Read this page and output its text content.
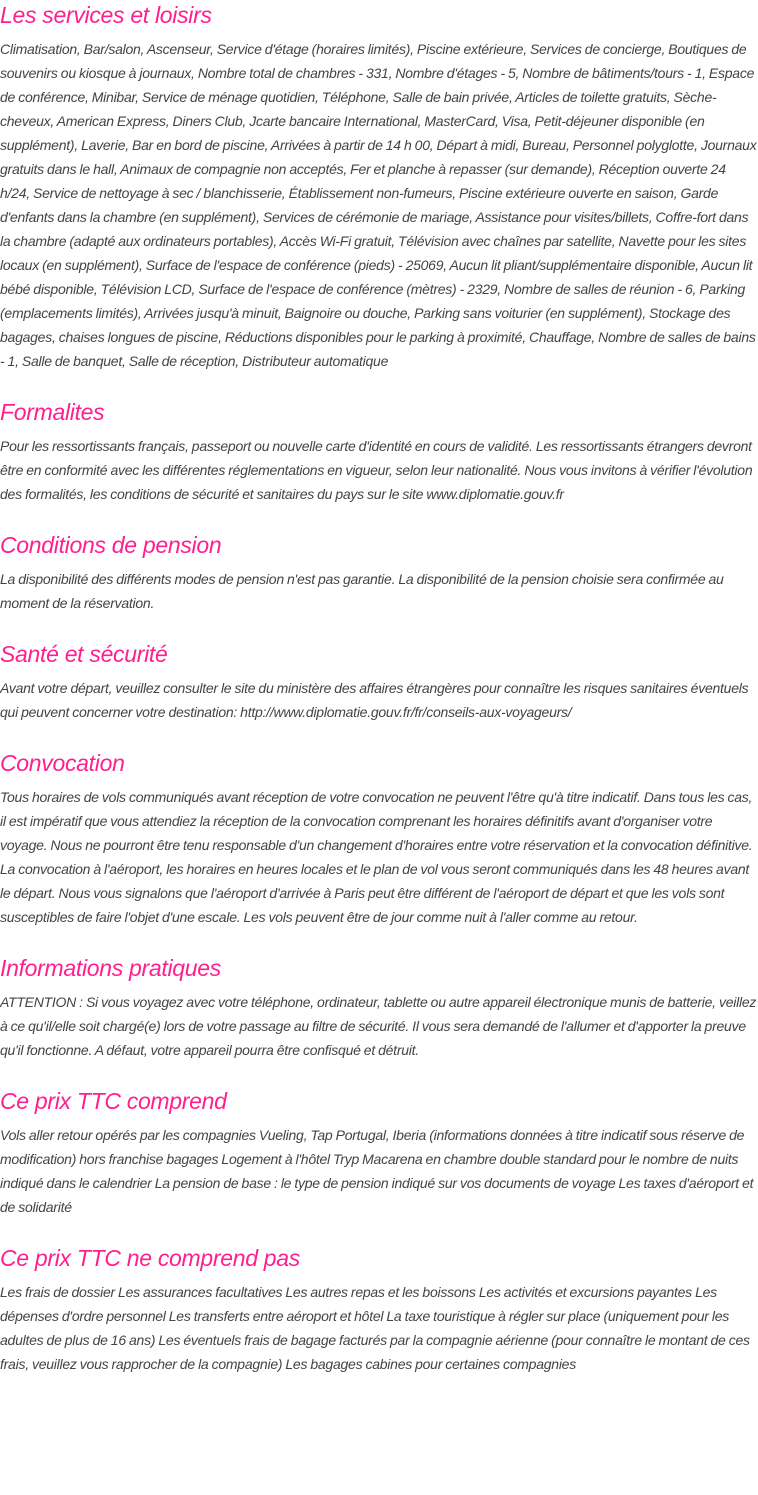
Les services et loisirs

Climatisation, Bar/salon, Ascenseur, Service d'étage (horaires limités), Piscine extérieure, Services de concierge, Boutiques de souvenirs ou kiosque à journaux, Nombre total de chambres - 331, Nombre d'étages - 5, Nombre de bâtiments/tours - 1, Espace de conférence, Minibar, Service de ménage quotidien, Téléphone, Salle de bain privée, Articles de toilette gratuits, Sèche-cheveux, American Express, Diners Club, Jcarte bancaire International, MasterCard, Visa, Petit-déjeuner disponible (en supplément), Laverie, Bar en bord de piscine, Arrivées à partir de 14 h 00, Départ à midi, Bureau, Personnel polyglotte, Journaux gratuits dans le hall, Animaux de compagnie non acceptés, Fer et planche à repasser (sur demande), Réception ouverte 24 h/24, Service de nettoyage à sec / blanchisserie, Établissement non-fumeurs, Piscine extérieure ouverte en saison, Garde d'enfants dans la chambre (en supplément), Services de cérémonie de mariage, Assistance pour visites/billets, Coffre-fort dans la chambre (adapté aux ordinateurs portables), Accès Wi-Fi gratuit, Télévision avec chaînes par satellite, Navette pour les sites locaux (en supplément), Surface de l'espace de conférence (pieds) - 25069, Aucun lit pliant/supplémentaire disponible, Aucun lit bébé disponible, Télévision LCD, Surface de l'espace de conférence (mètres) - 2329, Nombre de salles de réunion - 6, Parking (emplacements limités), Arrivées jusqu'à minuit, Baignoire ou douche, Parking sans voiturier (en supplément), Stockage des bagages, chaises longues de piscine, Réductions disponibles pour le parking à proximité, Chauffage, Nombre de salles de bains - 1, Salle de banquet, Salle de réception, Distributeur automatique

Formalites

Pour les ressortissants français, passeport ou nouvelle carte d'identité en cours de validité. Les ressortissants étrangers devront être en conformité avec les différentes réglementations en vigueur, selon leur nationalité. Nous vous invitons à vérifier l'évolution des formalités, les conditions de sécurité et sanitaires du pays sur le site www.diplomatie.gouv.fr

Conditions de pension

La disponibilité des différents modes de pension n'est pas garantie. La disponibilité de la pension choisie sera confirmée au moment de la réservation.

Santé et sécurité

Avant votre départ, veuillez consulter le site du ministère des affaires étrangères pour connaître les risques sanitaires éventuels qui peuvent concerner votre destination: http://www.diplomatie.gouv.fr/fr/conseils-aux-voyageurs/

Convocation

Tous horaires de vols communiqués avant réception de votre convocation ne peuvent l'être qu'à titre indicatif. Dans tous les cas, il est impératif que vous attendiez la réception de la convocation comprenant les horaires définitifs avant d'organiser votre voyage. Nous ne pourront être tenu responsable d'un changement d'horaires entre votre réservation et la convocation définitive. La convocation à l'aéroport, les horaires en heures locales et le plan de vol vous seront communiqués dans les 48 heures avant le départ. Nous vous signalons que l'aéroport d'arrivée à Paris peut être différent de l'aéroport de départ et que les vols sont susceptibles de faire l'objet d'une escale. Les vols peuvent être de jour comme nuit à l'aller comme au retour.

Informations pratiques

ATTENTION : Si vous voyagez avec votre téléphone, ordinateur, tablette ou autre appareil électronique munis de batterie, veillez à ce qu'il/elle soit chargé(e) lors de votre passage au filtre de sécurité. Il vous sera demandé de l'allumer et d'apporter la preuve qu'il fonctionne. A défaut, votre appareil pourra être confisqué et détruit.

Ce prix TTC comprend

Vols aller retour opérés par les compagnies Vueling, Tap Portugal, Iberia (informations données à titre indicatif sous réserve de modification) hors franchise bagages Logement à l'hôtel Tryp Macarena en chambre double standard pour le nombre de nuits indiqué dans le calendrier La pension de base : le type de pension indiqué sur vos documents de voyage Les taxes d'aéroport et de solidarité

Ce prix TTC ne comprend pas

Les frais de dossier Les assurances facultatives Les autres repas et les boissons Les activités et excursions payantes Les dépenses d'ordre personnel Les transferts entre aéroport et hôtel La taxe touristique à régler sur place (uniquement pour les adultes de plus de 16 ans) Les éventuels frais de bagage facturés par la compagnie aérienne (pour connaître le montant de ces frais, veuillez vous rapprocher de la compagnie) Les bagages cabines pour certaines compagnies
